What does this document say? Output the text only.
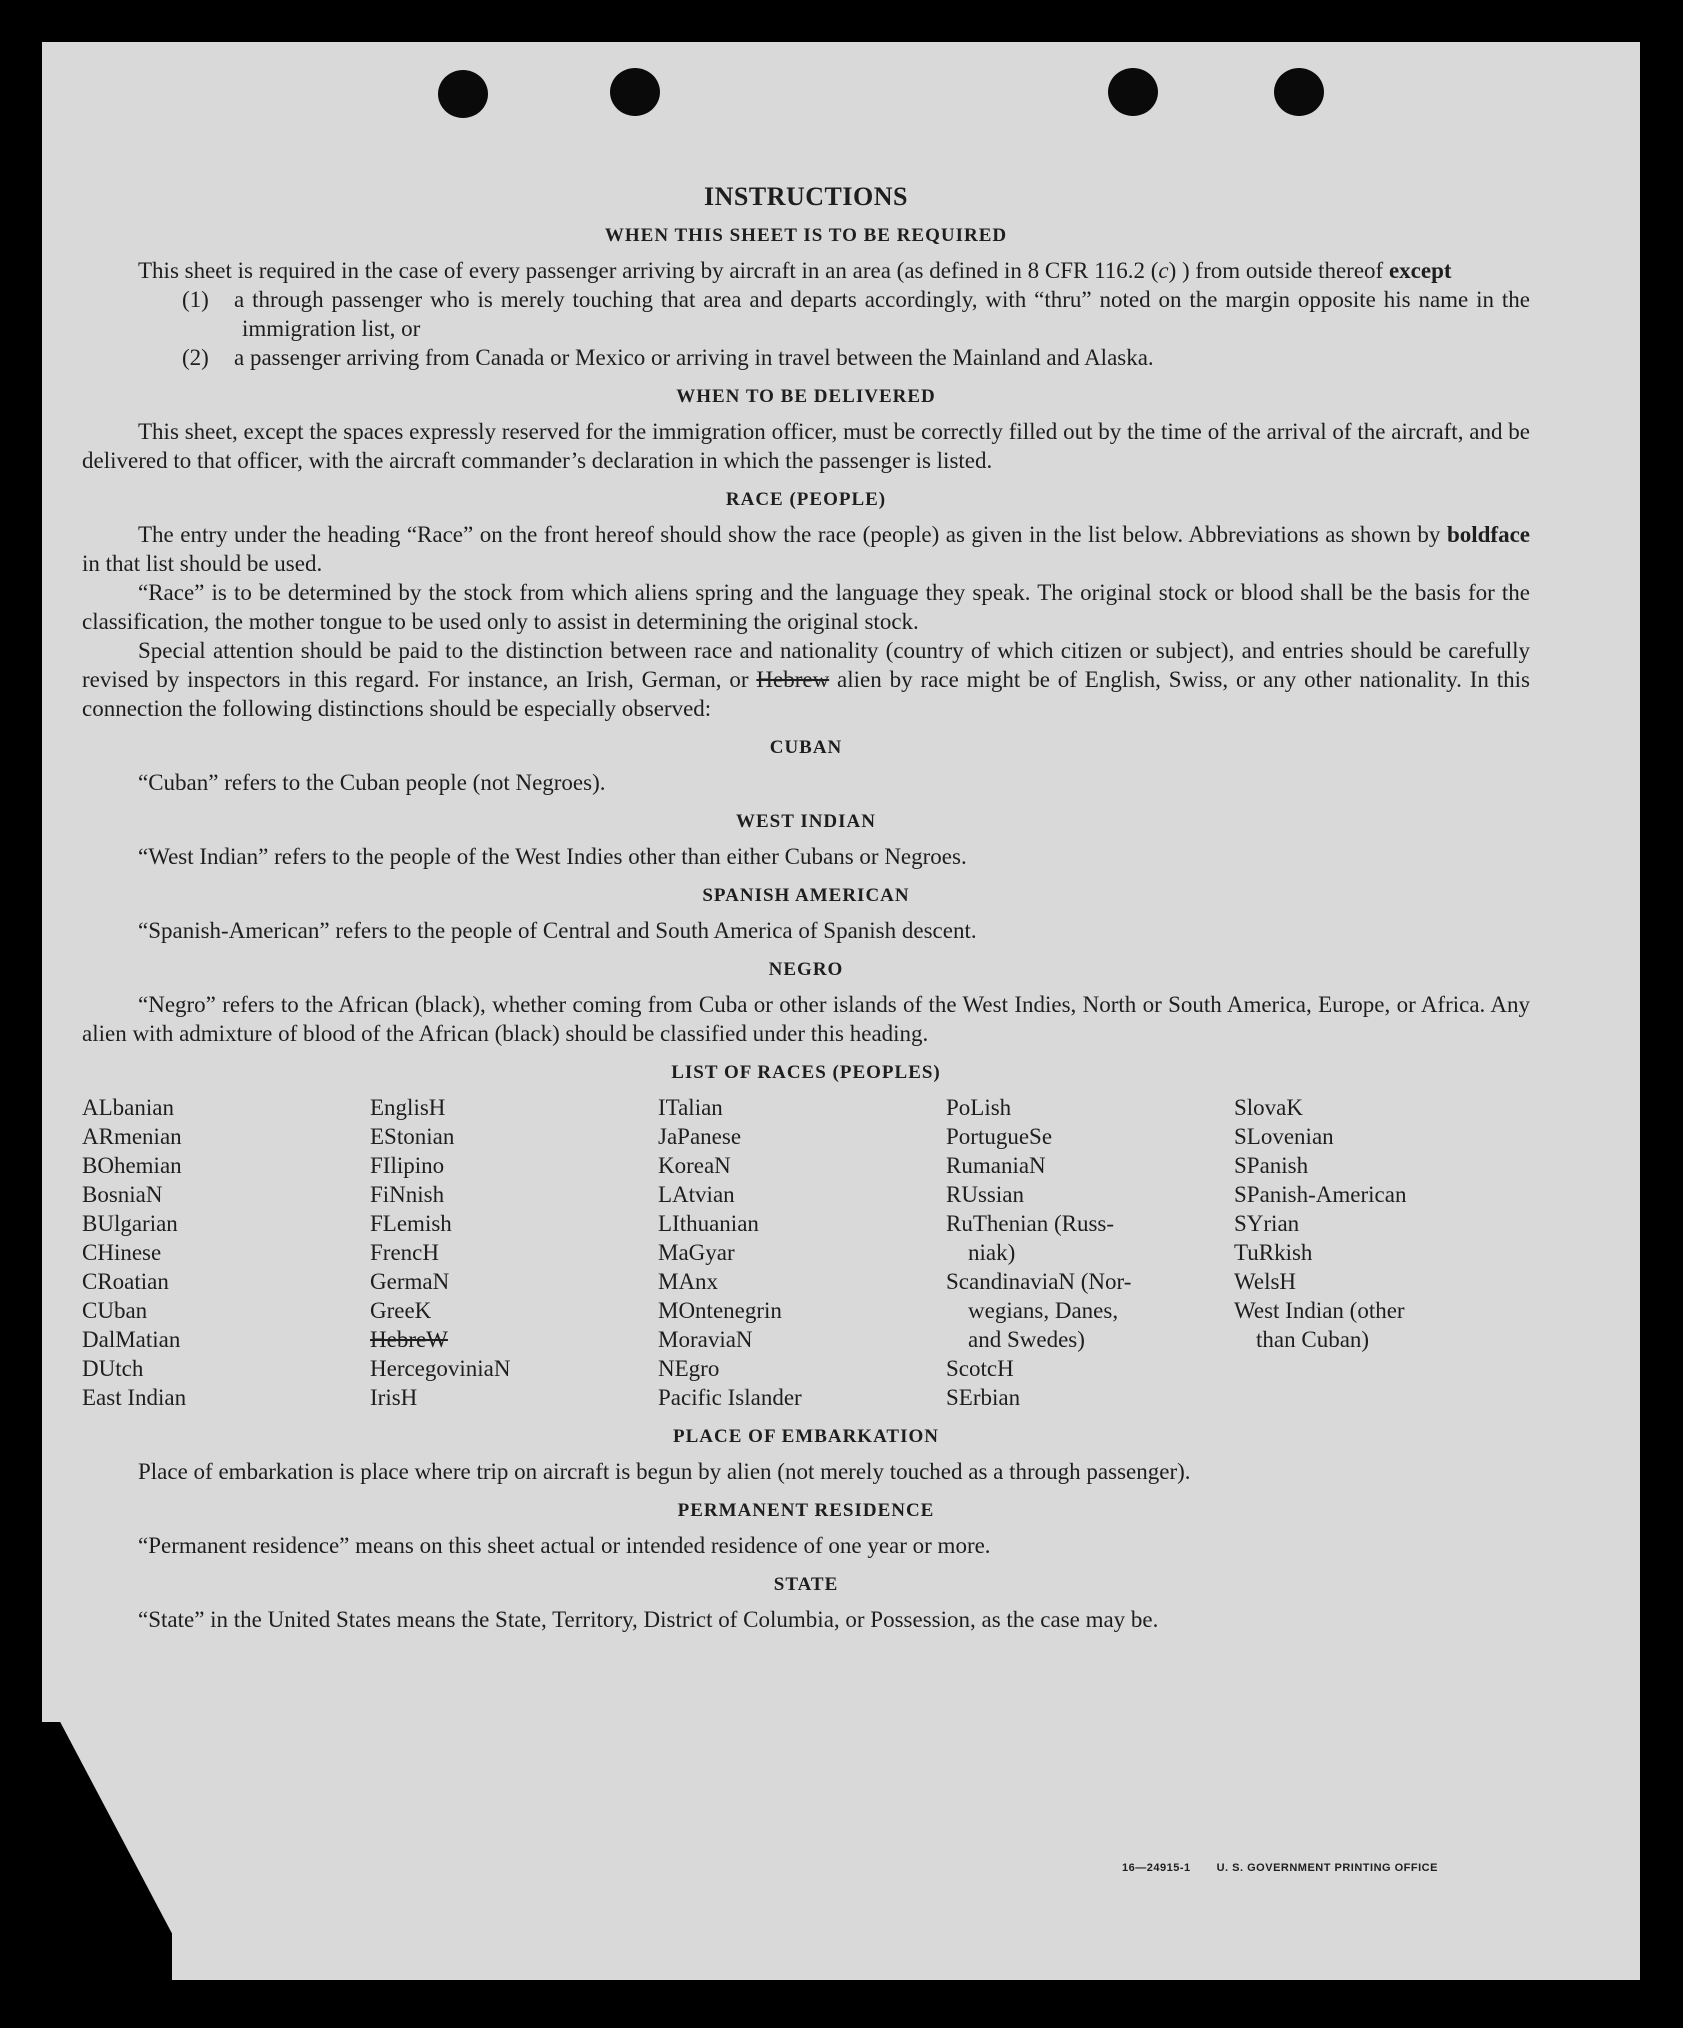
INSTRUCTIONS
WHEN THIS SHEET IS TO BE REQUIRED

This sheet is required in the case of every passenger arriving by aircraft in an area (as defined in 8 CFR 116.2 (c) ) from outside thereof except

(1) a through passenger who is merely touching that area and departs accordingly, with “thru” noted on the margin opposite his name in the immigration list, or

(2) a passenger arriving from Canada or Mexico or arriving in travel between the Mainland and Alaska.

WHEN TO BE DELIVERED

This sheet, except the spaces expressly reserved for the immigration officer, must be correctly filled out by the time of the arrival of the aircraft, and be delivered to that officer, with the aircraft commander’s declaration in which the passenger is listed.

RACE (PEOPLE)

The entry under the heading “Race” on the front hereof should show the race (people) as given in the list below. Abbreviations as shown by boldface in that list should be used.

“Race” is to be determined by the stock from which aliens spring and the language they speak. The original stock or blood shall be the basis for the classification, the mother tongue to be used only to assist in determining the original stock.

Special attention should be paid to the distinction between race and nationality (country of which citizen or subject), and entries should be carefully revised by inspectors in this regard. For instance, an Irish, German, or Hebrew alien by race might be of English, Swiss, or any other nationality. In this connection the following distinctions should be especially observed:

CUBAN

“Cuban” refers to the Cuban people (not Negroes).

WEST INDIAN

“West Indian” refers to the people of the West Indies other than either Cubans or Negroes.

SPANISH AMERICAN

“Spanish-American” refers to the people of Central and South America of Spanish descent.

NEGRO

“Negro” refers to the African (black), whether coming from Cuba or other islands of the West Indies, North or South America, Europe, or Africa. Any alien with admixture of blood of the African (black) should be classified under this heading.

LIST OF RACES (PEOPLES)
ALbanian
ARmenian
BOhemian
BosniaN
BUlgarian
CHinese
CRoatian
CUban
DalMatian
DUtch
East Indian
EnglisH
EStonian
FIlipino
FiNnish
FLemish
FrencH
GermaN
GreeK
HebreW
HercegoviniaN
IrisH
ITalian
JaPanese
KoreaN
LAtvian
LIthuanian
MaGyar
MAnx
MOntenegrin
MoraviaN
NEgro
Pacific Islander
PoLish
PortugueSe
RumaniaN
RUssian
RuThenian (Russ-
niak)
ScandinaviaN (Nor-
wegians, Danes,
and Swedes)
ScotcH
SErbian
SlovaK
SLovenian
SPanish
SPanish-American
SYrian
TuRkish
WelsH
West Indian (other
than Cuban)
PLACE OF EMBARKATION

Place of embarkation is place where trip on aircraft is begun by alien (not merely touched as a through passenger).

PERMANENT RESIDENCE

“Permanent residence” means on this sheet actual or intended residence of one year or more.

STATE

“State” in the United States means the State, Territory, District of Columbia, or Possession, as the case may be.

16—24915-1 U. S. GOVERNMENT PRINTING OFFICE
